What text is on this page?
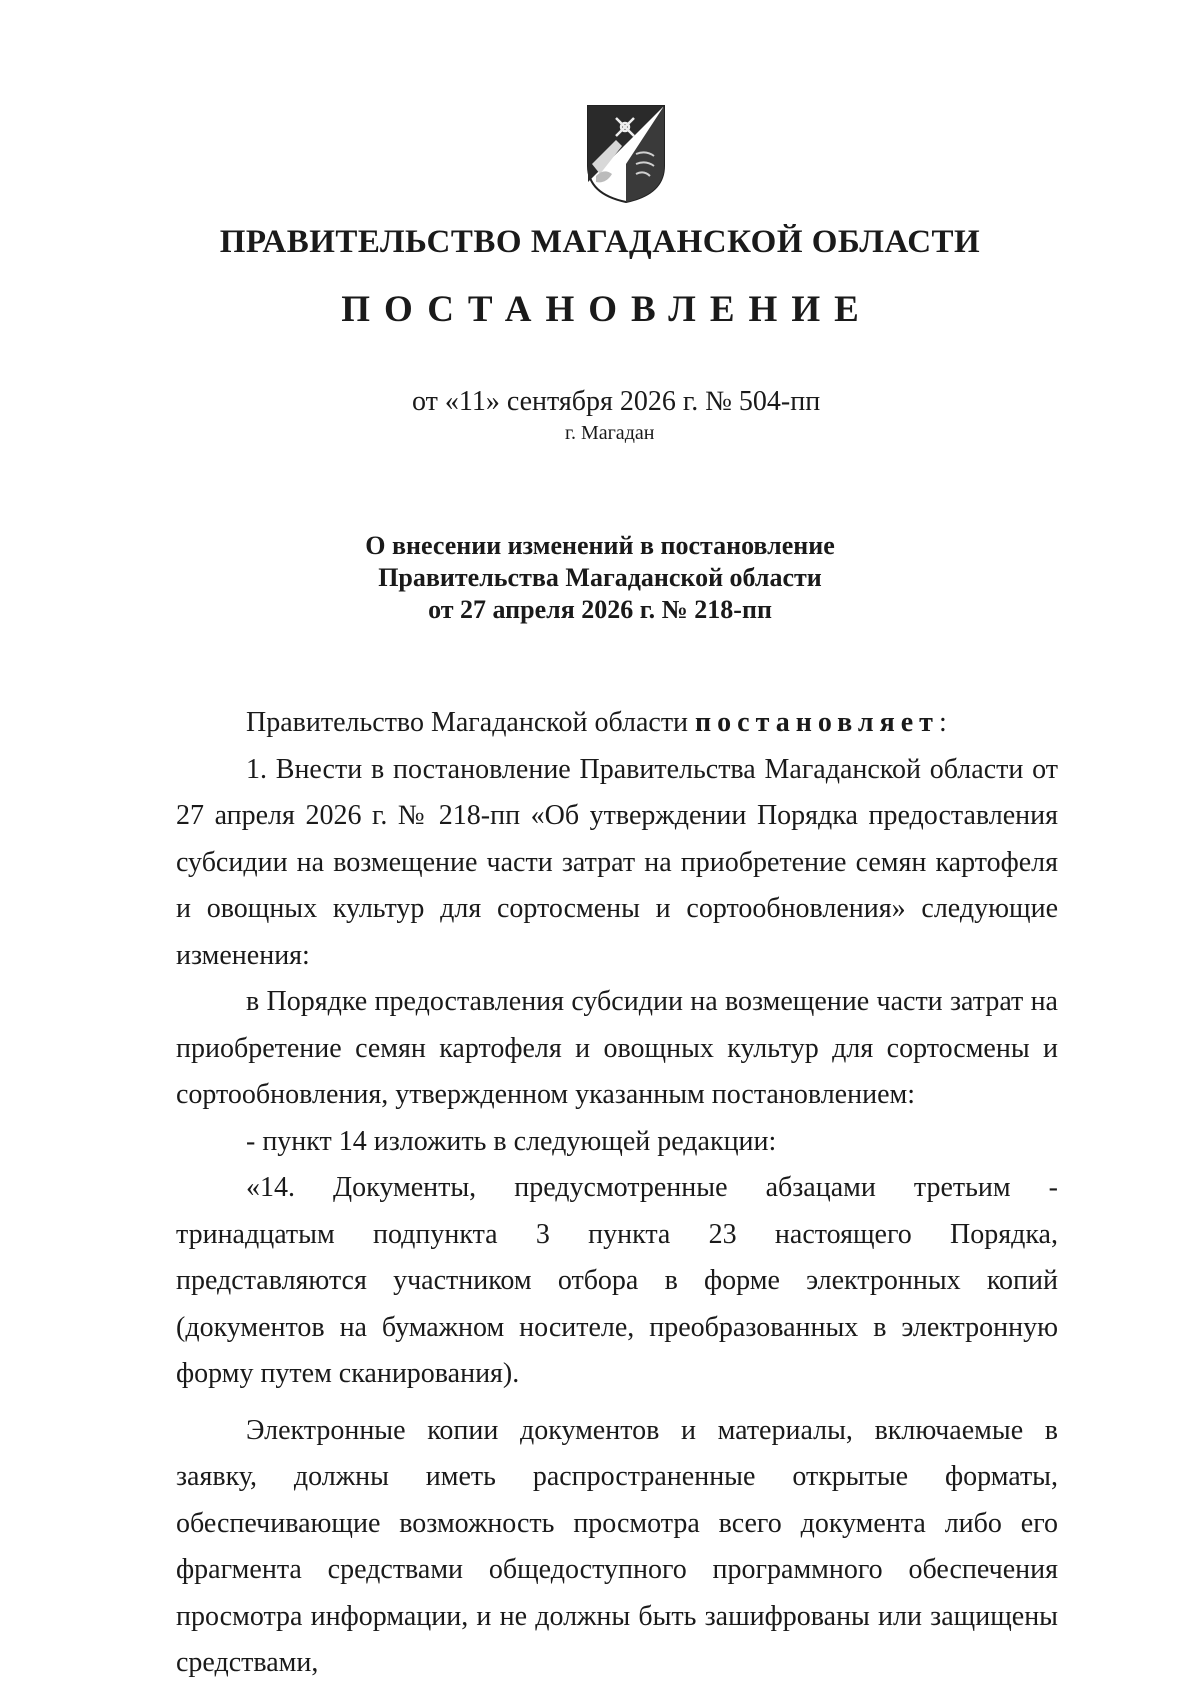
ПРАВИТЕЛЬСТВО МАГАДАНСКОЙ ОБЛАСТИ
ПОСТАНОВЛЕНИЕ
от «11» сентября 2026 г. № 504-пп
г. Магадан
О внесении изменений в постановление
Правительства Магаданской области
от 27 апреля 2026 г. № 218-пп

Правительство Магаданской области постановляет:

1. Внести в постановление Правительства Магаданской области от 27 апреля 2026 г. № 218-пп «Об утверждении Порядка предоставления субсидии на возмещение части затрат на приобретение семян картофеля и овощных культур для сортосмены и сортообновления» следующие изменения:

в Порядке предоставления субсидии на возмещение части затрат на приобретение семян картофеля и овощных культур для сортосмены и сортообновления, утвержденном указанным постановлением:

- пункт 14 изложить в следующей редакции:

«14. Документы, предусмотренные абзацами третьим - тринадцатым подпункта 3 пункта 23 настоящего Порядка, представляются участником отбора в форме электронных копий (документов на бумажном носителе, преобразованных в электронную форму путем сканирования).

Электронные копии документов и материалы, включаемые в заявку, должны иметь распространенные открытые форматы, обеспечивающие возможность просмотра всего документа либо его фрагмента средствами общедоступного программного обеспечения просмотра информации, и не должны быть зашифрованы или защищены средствами,
